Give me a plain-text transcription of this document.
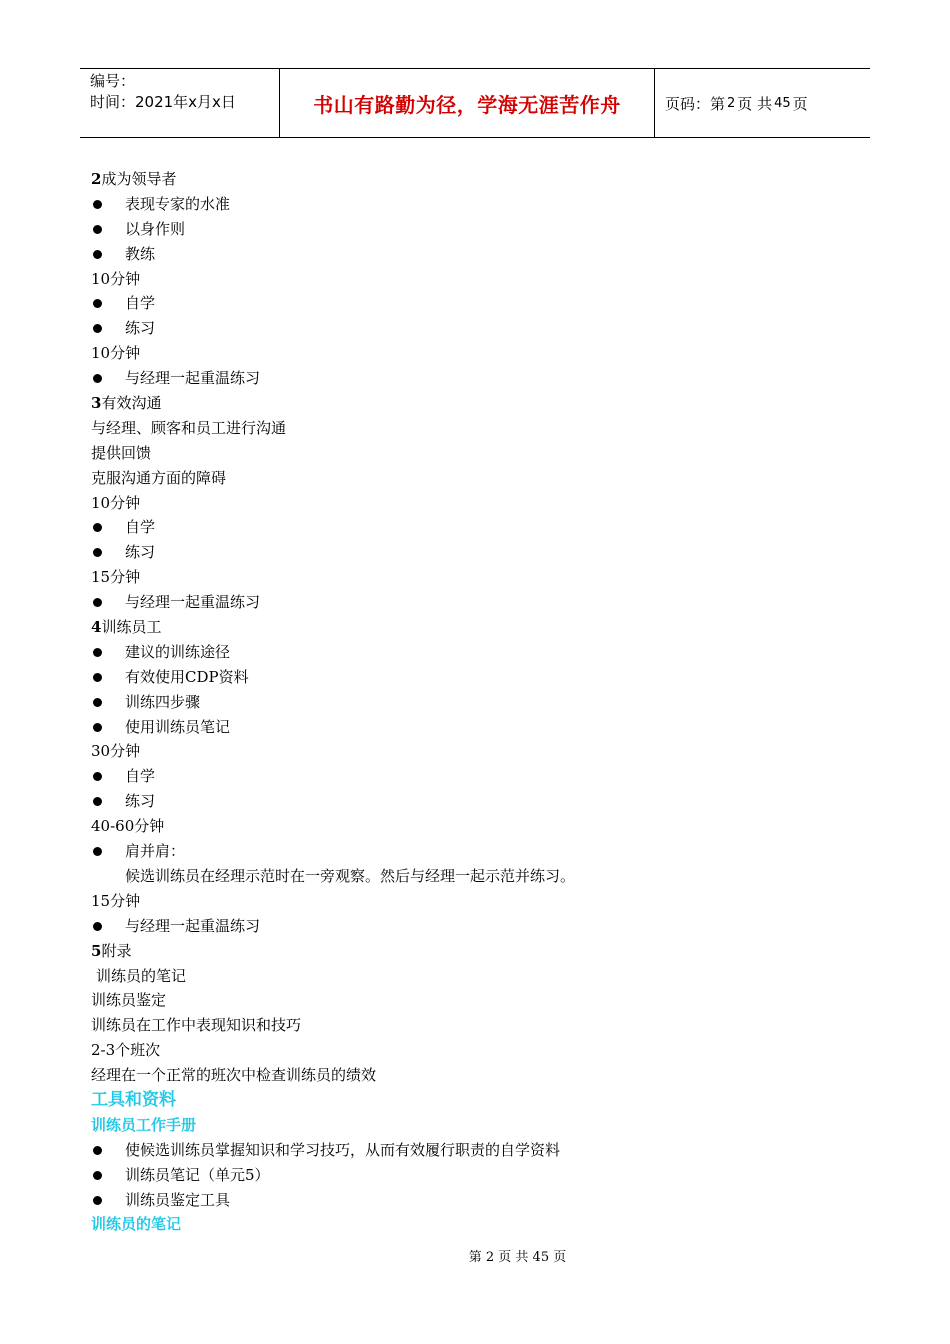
编号：
时间：2021年x月x日	书山有路勤为径，学海无涯苦作舟	页码：第 2 页 共 45 页
2成为领导者
表现专家的水准
以身作则
教练
10分钟
自学
练习
10分钟
与经理一起重温练习
3有效沟通
与经理、顾客和员工进行沟通
提供回馈
克服沟通方面的障碍
10分钟
自学
练习
15分钟
与经理一起重温练习
4训练员工
建议的训练途径
有效使用CDP资料
训练四步骤
使用训练员笔记
30分钟
自学
练习
40-60分钟
肩并肩：
候选训练员在经理示范时在一旁观察。然后与经理一起示范并练习。
15分钟
与经理一起重温练习
5附录
训练员的笔记
训练员鉴定
训练员在工作中表现知识和技巧
2-3个班次
经理在一个正常的班次中检查训练员的绩效
工具和资料
训练员工作手册
使候选训练员掌握知识和学习技巧，从而有效履行职责的自学资料
训练员笔记（单元5）
训练员鉴定工具
训练员的笔记
第 2 页 共 45 页
